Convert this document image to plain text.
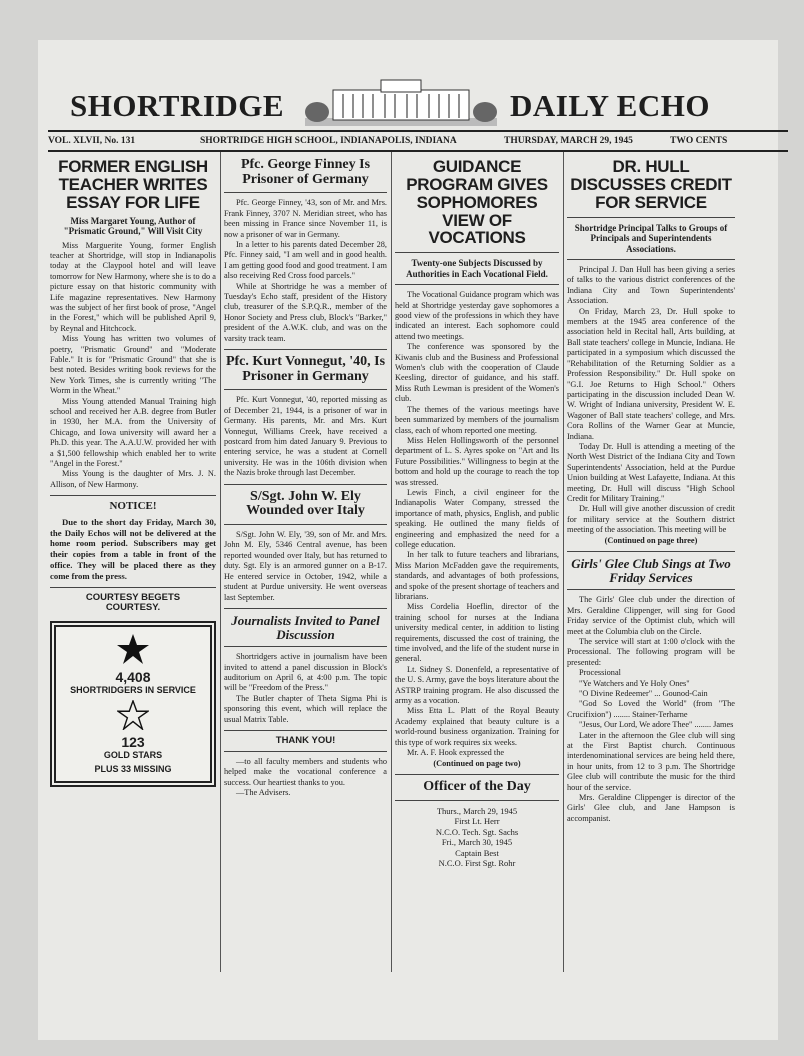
SHORTRIDGE	DAILY ECHO
VOL. XLVII, No. 131	SHORTRIDGE HIGH SCHOOL, INDIANAPOLIS, INDIANA	THURSDAY, MARCH 29, 1945	TWO CENTS
FORMER ENGLISH TEACHER WRITES ESSAY FOR LIFE
Miss Margaret Young, Author of "Prismatic Ground," Will Visit City

Miss Marguerite Young, former English teacher at Shortridge, will stop in Indianapolis today at the Claypool hotel and will leave tomorrow for New Harmony, where she is to do a picture essay on that historic community with Life magazine representatives. New Harmony was the subject of her first book of prose, "Angel in the Forest," which will be published April 9, by Reynal and Hitchcock.

Miss Young has written two volumes of poetry, "Prismatic Ground" and "Moderate Fable." It is for "Prismatic Ground" that she is best noted. Besides writing book reviews for the New York Times, she is currently writing "The Worm in the Wheat."

Miss Young attended Manual Training high school and received her A.B. degree from Butler in 1930, her M.A. from the University of Chicago, and Iowa university will award her a Ph.D. this year. The A.A.U.W. provided her with a $1,500 fellowship which enabled her to write "Angel in the Forest."

Miss Young is the daughter of Mrs. J. N. Allison, of New Harmony.

NOTICE!

Due to the short day Friday, March 30, the Daily Echos will not be delivered at the home room period. Subscribers may get their copies from a table in front of the office. They will be placed there as they come from the press.

COURTESY BEGETS COURTESY.
4,408
SHORTRIDGERS IN SERVICE
123
GOLD STARS
PLUS 33 MISSING
Pfc. George Finney Is Prisoner of Germany

Pfc. George Finney, '43, son of Mr. and Mrs. Frank Finney, 3707 N. Meridian street, who has been missing in France since November 11, is now a prisoner of war in Germany.

In a letter to his parents dated December 28, Pfc. Finney said, "I am well and in good health. I am getting good food and good treatment. I am also receiving Red Cross food parcels."

While at Shortridge he was a member of Tuesday's Echo staff, president of the History club, treasurer of the S.P.Q.R., member of the Honor Society and Press club, Block's "Barker," president of the A.W.K. club, and was on the varsity track team.

Pfc. Kurt Vonnegut, '40, Is Prisoner in Germany

Pfc. Kurt Vonnegut, '40, reported missing as of December 21, 1944, is a prisoner of war in Germany. His parents, Mr. and Mrs. Kurt Vonnegut, Williams Creek, have received a postcard from him dated January 9. Previous to entering service, he was a student at Cornell university. He was in the 106th division when the Nazis broke through last December.

S/Sgt. John W. Ely Wounded over Italy

S/Sgt. John W. Ely, '39, son of Mr. and Mrs. John M. Ely, 5346 Central avenue, has been reported wounded over Italy, but has returned to duty. Sgt. Ely is an armored gunner on a B-17. He entered service in October, 1942, while a student at Purdue university. He went overseas last September.

Journalists Invited to Panel Discussion

Shortridgers active in journalism have been invited to attend a panel discussion in Block's auditorium on April 6, at 4:00 p.m. The topic will be "Freedom of the Press."

The Butler chapter of Theta Sigma Phi is sponsoring this event, which will replace the usual Matrix Table.

THANK YOU!

—to all faculty members and students who helped make the vocational conference a success. Our heartiest thanks to you.

—The Advisers.

GUIDANCE PROGRAM GIVES SOPHOMORES VIEW OF VOCATIONS
Twenty-one Subjects Discussed by Authorities in Each Vocational Field.

The Vocational Guidance program which was held at Shortridge yesterday gave sophomores a good view of the professions in which they have indicated an interest. Each sophomore could attend two meetings.

The conference was sponsored by the Kiwanis club and the Business and Professional Women's club with the cooperation of Claude Keesling, director of guidance, and his staff. Miss Ruth Lewman is president of the Women's club.

The themes of the various meetings have been summarized by members of the journalism class, each of whom reported one meeting.

Miss Helen Hollingsworth of the personnel department of L. S. Ayres spoke on "Art and Its Future Possibilities." Willingness to begin at the bottom and hold up the courage to reach the top was stressed.

Lewis Finch, a civil engineer for the Indianapolis Water Company, stressed the importance of math, physics, English, and public speaking. He outlined the many fields of engineering and emphasized the need for a college education.

In her talk to future teachers and librarians, Miss Marion McFadden gave the requirements, standards, and advantages of both professions, and spoke of the present shortage of teachers and librarians.

Miss Cordelia Hoeflin, director of the training school for nurses at the Indiana university medical center, in addition to listing requirements, discussed the cost of training, the time involved, and the life of the student nurse in general.

Lt. Sidney S. Donenfeld, a representative of the U. S. Army, gave the boys literature about the ASTRP training program. He also discussed the army as a vocation.

Miss Etta L. Platt of the Royal Beauty Academy explained that beauty culture is a world-round business organization. Training for this type of work requires six weeks.

Mr. A. F. Hook expressed the

(Continued on page two)

Officer of the Day
Thurs., March 29, 1945
First Lt. Herr
N.C.O. Tech. Sgt. Sachs
Fri., March 30, 1945
Captain Best
N.C.O. First Sgt. Rohr
DR. HULL DISCUSSES CREDIT FOR SERVICE
Shortridge Principal Talks to Groups of Principals and Superintendents Associations.

Principal J. Dan Hull has been giving a series of talks to the various district conferences of the Indiana City and Town Superintendents' Association.

On Friday, March 23, Dr. Hull spoke to members at the 1945 area conference of the association held in Recital hall, Arts building, at Ball state teachers' college in Muncie, Indiana. He participated in a symposium which discussed the "Rehabilitation of the Returning Soldier as a Profession Responsibility." Dr. Hull spoke on "G.I. Joe Returns to High School." Others participating in the discussion included Dean W. W. Wright of Indiana university, President W. E. Wagoner of Ball state teachers' college, and Mrs. Cora Rollins of the Warner Gear at Muncie, Indiana.

Today Dr. Hull is attending a meeting of the North West District of the Indiana City and Town Superintendents' Association, held at the Purdue Union building at West Lafayette, Indiana. At this meeting, Dr. Hull will discuss "High School Credit for Military Training."

Dr. Hull will give another discussion of credit for military service at the Southern district meeting of the association. This meeting will be

(Continued on page three)

Girls' Glee Club Sings at Two Friday Services

The Girls' Glee club under the direction of Mrs. Geraldine Clippenger, will sing for Good Friday service of the Optimist club, which will meet at the Columbia club on the Circle.

The service will start at 1:00 o'clock with the Processional. The following program will be presented:

Processional

"Ye Watchers and Ye Holy Ones"

"O Divine Redeemer" ... Gounod-Cain

"God So Loved the World" (from "The Crucifixion") ........ Stainer-Terharne

"Jesus, Our Lord, We adore Thee" ........ James

Later in the afternoon the Glee club will sing at the First Baptist church. Continuous interdenominational services are being held there, in hour units, from 12 to 3 p.m. The Shortridge Glee club will contribute the music for the third hour of the service.

Mrs. Geraldine Clippenger is director of the Girls' Glee club, and Jane Hampson is accompanist.
